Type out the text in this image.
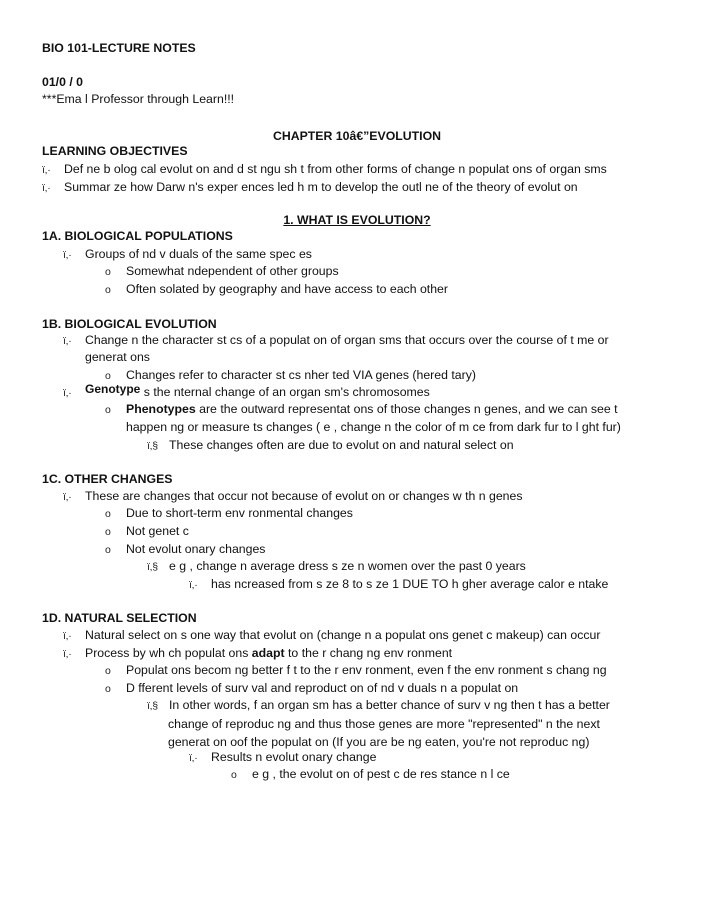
BIO 101-LECTURE NOTES
01/0 / 0
***Ema l Professor through Learn!!!
CHAPTER 10â€”EVOLUTION
LEARNING OBJECTIVES
ï‚· Def ne b olog cal evolut on and d st ngu sh t from other forms of change n populat ons of organ sms
ï‚· Summar ze how Darw n's exper ences led h m to develop the outl ne of the theory of evolut on
1. WHAT IS EVOLUTION?
1A. BIOLOGICAL POPULATIONS
ï‚· Groups of nd v duals of the same spec es
o Somewhat ndependent of other groups
o Often solated by geography and have access to each other
1B. BIOLOGICAL EVOLUTION
ï‚· Change n the character st cs of a populat on of organ sms that occurs over the course of t me or
generat ons
o Changes refer to character st cs nher ted VIA genes (hered tary)
ï‚· Genotype s the nternal change of an organ sm's chromosomes
o Phenotypes are the outward representat ons of those changes n genes, and we can see t
happen ng or measure ts changes ( e , change n the color of m ce from dark fur to l ght fur)
ï‚§ These changes often are due to evolut on and natural select on
1C. OTHER CHANGES
ï‚· These are changes that occur not because of evolut on or changes w th n genes
o Due to short-term env ronmental changes
o Not genet c
o Not evolut onary changes
ï‚§ e g , change n average dress s ze n women over the past 0 years
ï‚· has ncreased from s ze 8 to s ze 1 DUE TO h gher average calor e ntake
1D. NATURAL SELECTION
ï‚· Natural select on s one way that evolut on (change n a populat ons genet c makeup) can occur
ï‚· Process by wh ch populat ons adapt to the r chang ng env ronment
o Populat ons becom ng better f t to the r env ronment, even f the env ronment s chang ng
o D fferent levels of surv val and reproduct on of nd v duals n a populat on
ï‚§ In other words, f an organ sm has a better chance of surv v ng then t has a better
change of reproduc ng and thus those genes are more "represented" n the next
generat on oof the populat on (If you are be ng eaten, you're not reproduc ng)
ï‚· Results n evolut onary change
o e g , the evolut on of pest c de res stance n l ce
